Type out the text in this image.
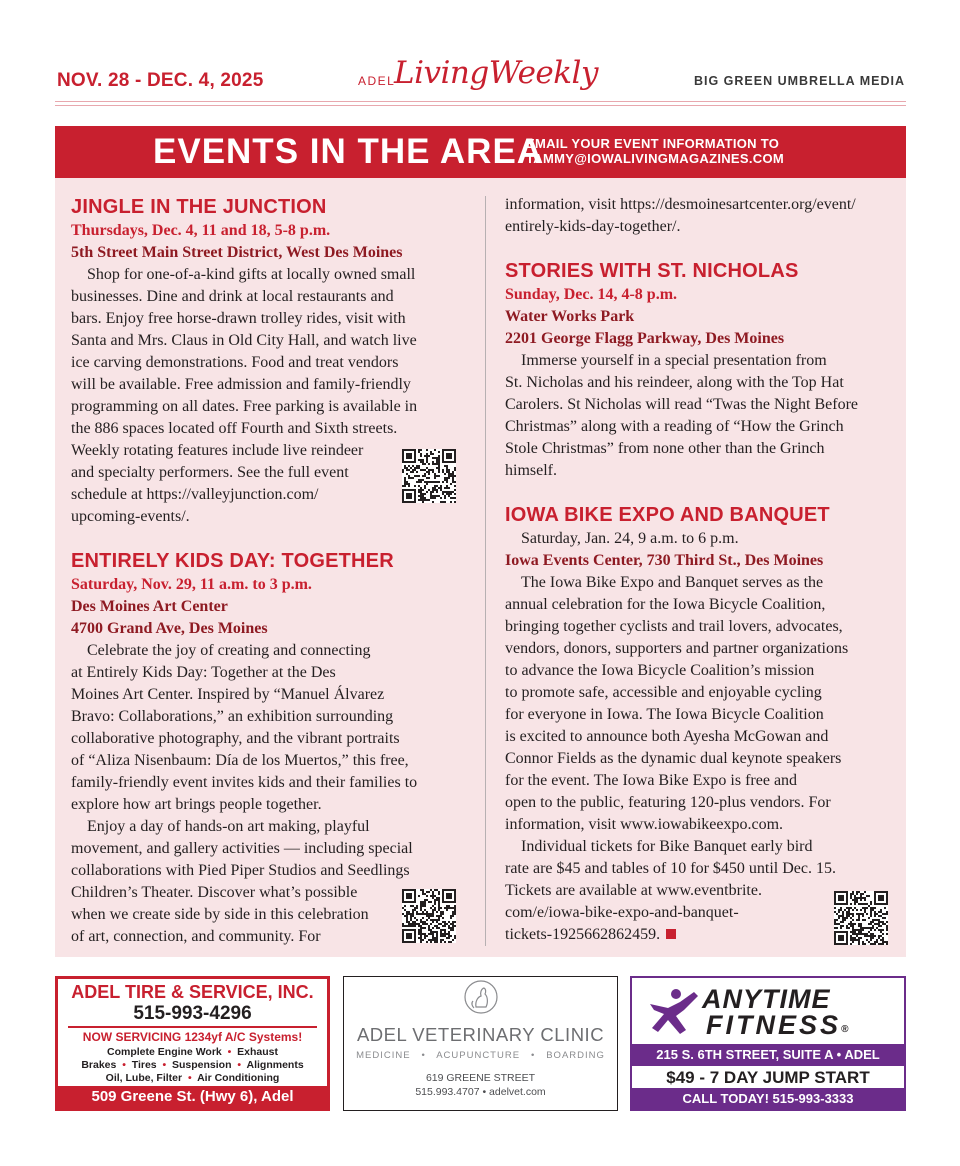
NOV. 28 - DEC. 4, 2025	ADEL
LivingWeekly	BIG GREEN UMBRELLA MEDIA
EVENTS IN THE AREA
EMAIL YOUR EVENT INFORMATION TO
TAMMY@IOWALIVINGMAGAZINES.COM
JINGLE IN THE JUNCTION
Thursdays, Dec. 4, 11 and 18, 5-8 p.m.
5th Street Main Street District, West Des Moines
Shop for one-of-a-kind gifts at locally owned small
businesses. Dine and drink at local restaurants and
bars. Enjoy free horse-drawn trolley rides, visit with
Santa and Mrs. Claus in Old City Hall, and watch live
ice carving demonstrations. Food and treat vendors
will be available. Free admission and family-friendly
programming on all dates. Free parking is available in
the 886 spaces located off Fourth and Sixth streets.
Weekly rotating features include live reindeer
and specialty performers. See the full event
schedule at https://valleyjunction.com/
upcoming-events/.
ENTIRELY KIDS DAY: TOGETHER
Saturday, Nov. 29, 11 a.m. to 3 p.m.
Des Moines Art Center
4700 Grand Ave, Des Moines
Celebrate the joy of creating and connecting
at Entirely Kids Day: Together at the Des
Moines Art Center. Inspired by “Manuel Álvarez
Bravo: Collaborations,” an exhibition surrounding
collaborative photography, and the vibrant portraits
of “Aliza Nisenbaum: Día de los Muertos,” this free,
family-friendly event invites kids and their families to
explore how art brings people together.
Enjoy a day of hands-on art making, playful
movement, and gallery activities — including special
collaborations with Pied Piper Studios and Seedlings
Children’s Theater. Discover what’s possible
when we create side by side in this celebration
of art, connection, and community. For
information, visit https://desmoinesartcenter.org/event/
entirely-kids-day-together/.
STORIES WITH ST. NICHOLAS
Sunday, Dec. 14, 4-8 p.m.
Water Works Park
2201 George Flagg Parkway, Des Moines
Immerse yourself in a special presentation from
St. Nicholas and his reindeer, along with the Top Hat
Carolers. St Nicholas will read “Twas the Night Before
Christmas” along with a reading of “How the Grinch
Stole Christmas” from none other than the Grinch
himself.
IOWA BIKE EXPO AND BANQUET
Saturday, Jan. 24, 9 a.m. to 6 p.m.
Iowa Events Center, 730 Third St., Des Moines
The Iowa Bike Expo and Banquet serves as the
annual celebration for the Iowa Bicycle Coalition,
bringing together cyclists and trail lovers, advocates,
vendors, donors, supporters and partner organizations
to advance the Iowa Bicycle Coalition’s mission
to promote safe, accessible and enjoyable cycling
for everyone in Iowa. The Iowa Bicycle Coalition
is excited to announce both Ayesha McGowan and
Connor Fields as the dynamic dual keynote speakers
for the event. The Iowa Bike Expo is free and
open to the public, featuring 120-plus vendors. For
information, visit www.iowabikeexpo.com.
Individual tickets for Bike Banquet early bird
rate are $45 and tables of 10 for $450 until Dec. 15.
Tickets are available at www.eventbrite.
com/e/iowa-bike-expo-and-banquet-
tickets-1925662862459.
ADEL TIRE & SERVICE, INC.
515-993-4296
NOW SERVICING 1234yf A/C Systems!
Complete Engine Work  •  Exhaust
Brakes  •  Tires  •  Suspension  •  Alignments
Oil, Lube, Filter  •  Air Conditioning
509 Greene St. (Hwy 6), Adel
ADEL VETERINARY CLINIC
MEDICINE   •   ACUPUNCTURE   •   BOARDING
619 GREENE STREET
515.993.4707 • adelvet.com
ANYTIME
FITNESS®
215 S. 6TH STREET, SUITE A • ADEL
$49 - 7 DAY JUMP START
CALL TODAY! 515-993-3333
